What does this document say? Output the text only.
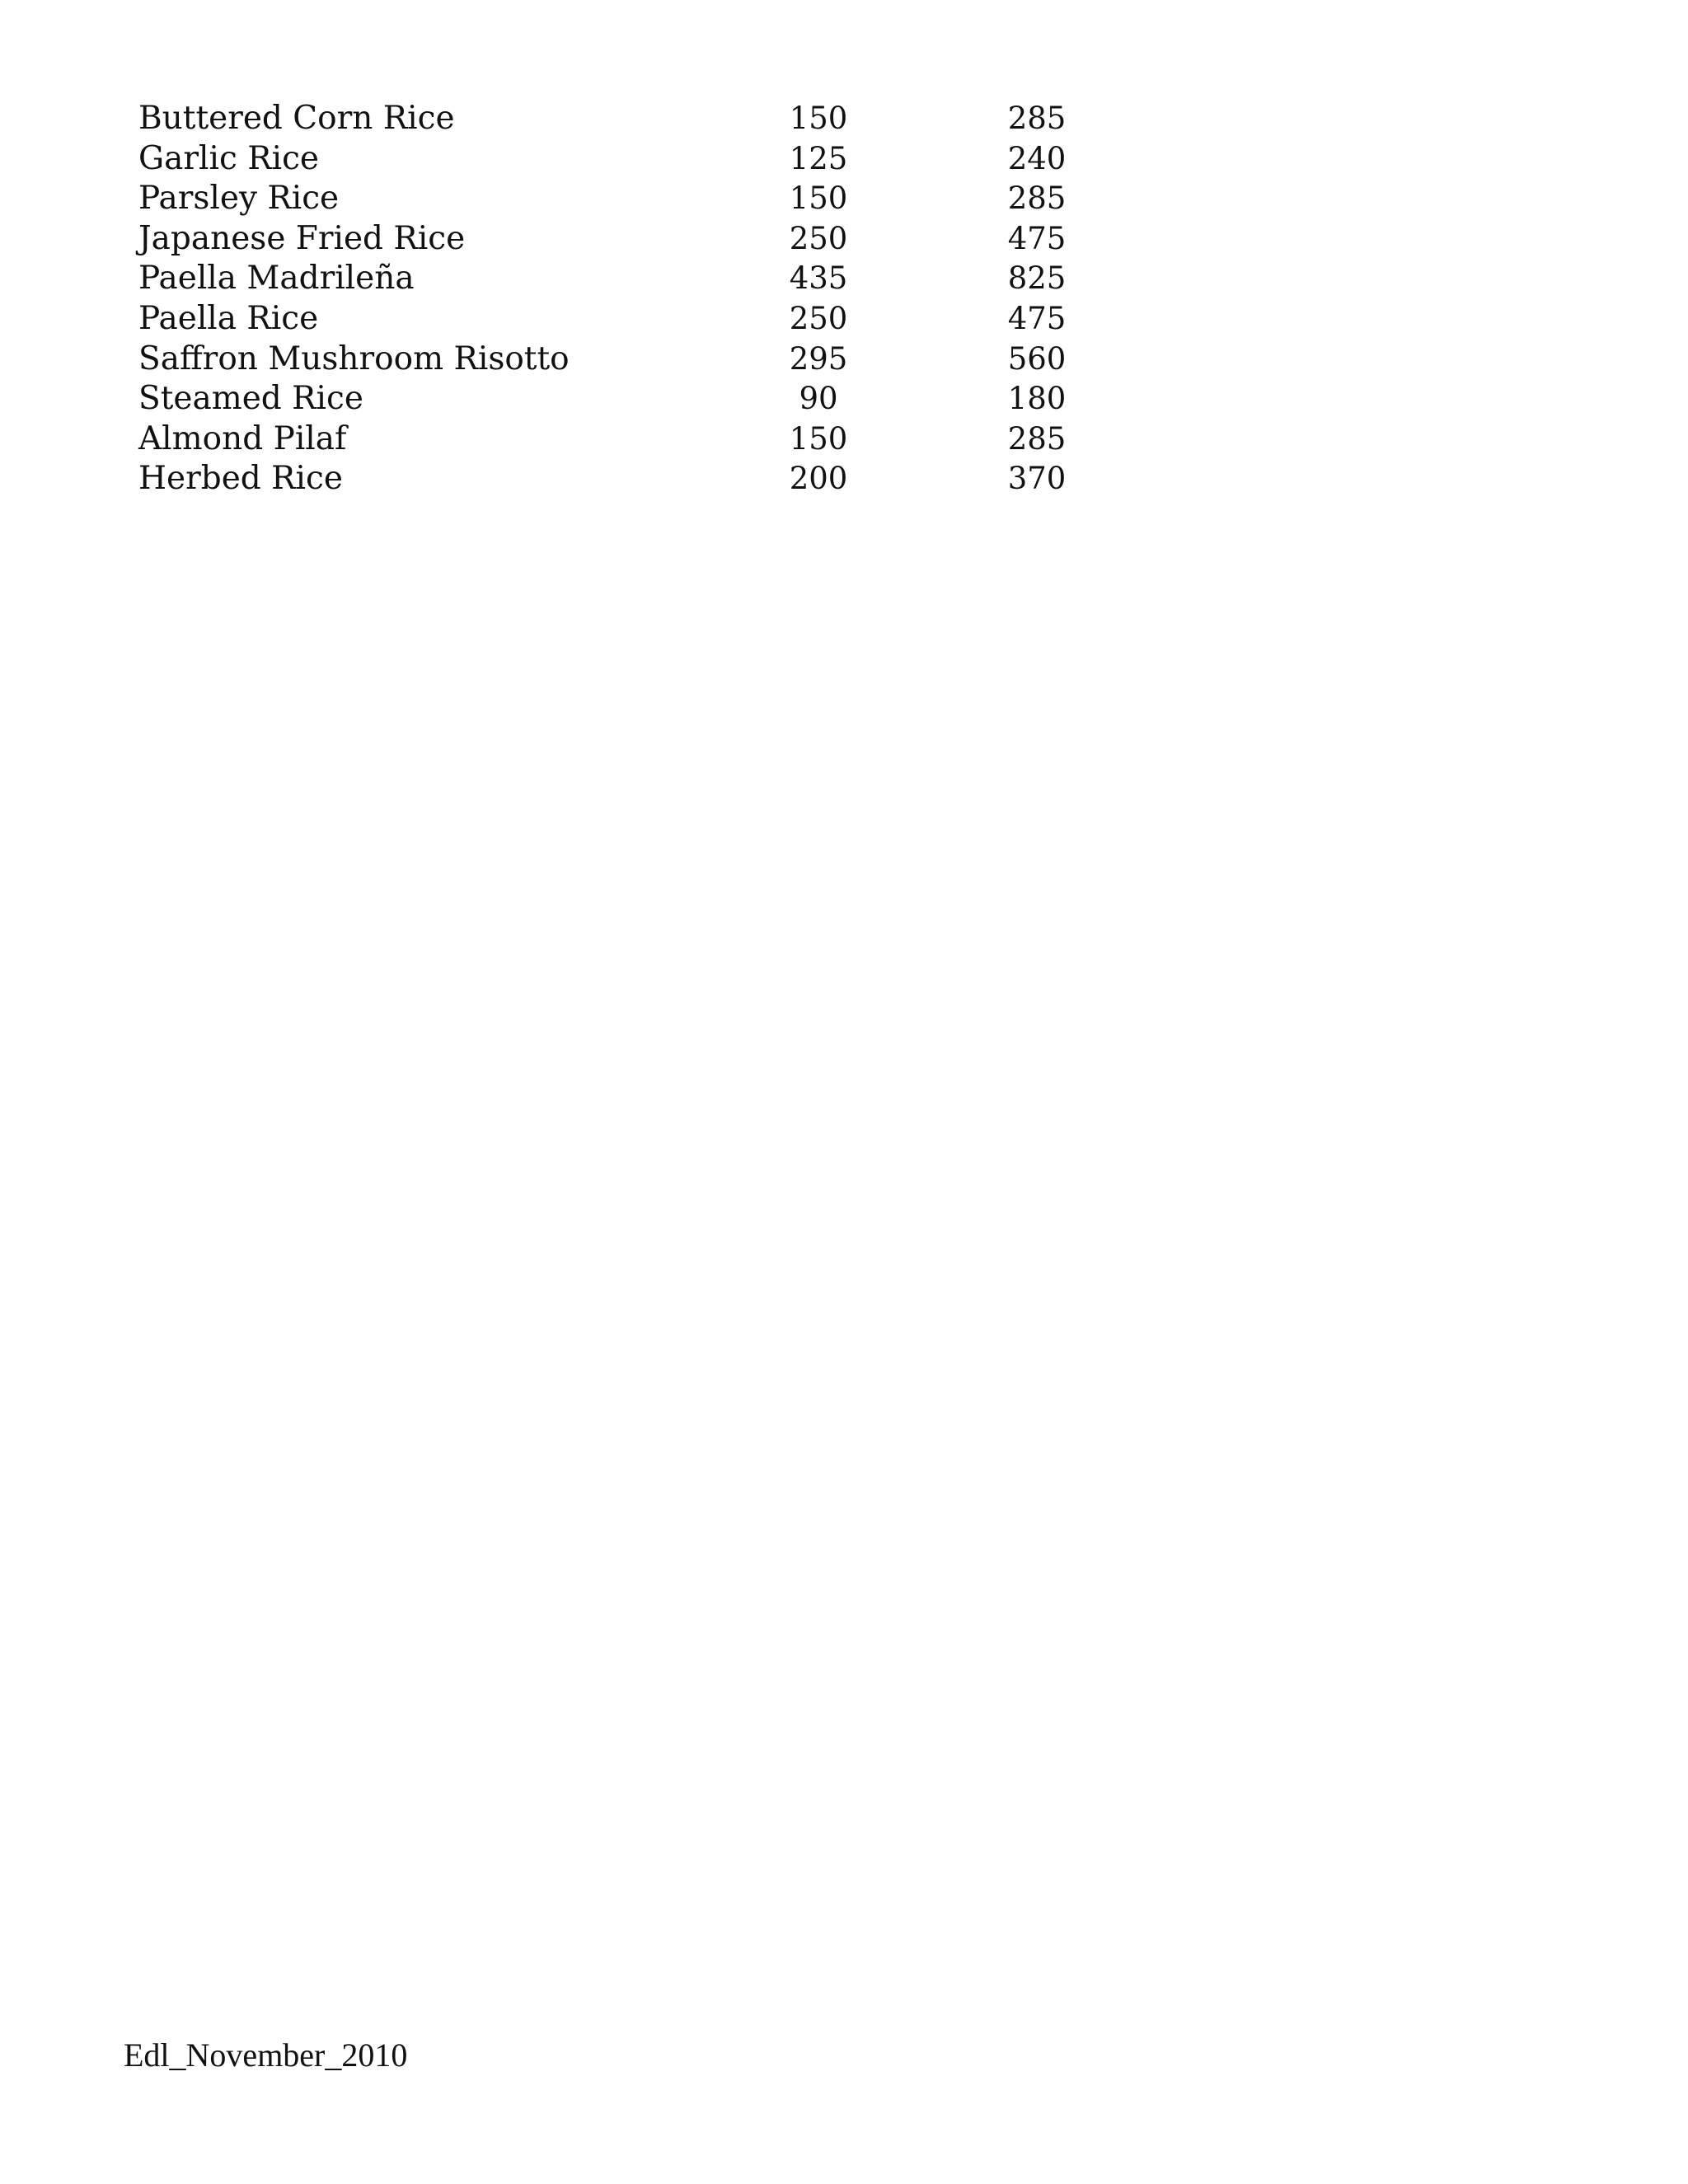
Buttered Corn Rice	150		285
Garlic Rice	125		240
Parsley Rice	150		285
Japanese Fried Rice	250		475
Paella Madrileña	435		825
Paella Rice	250		475
Saffron Mushroom Risotto	295		560
Steamed Rice	90		180
Almond Pilaf	150		285
Herbed Rice	200		370
Edl_November_2010
